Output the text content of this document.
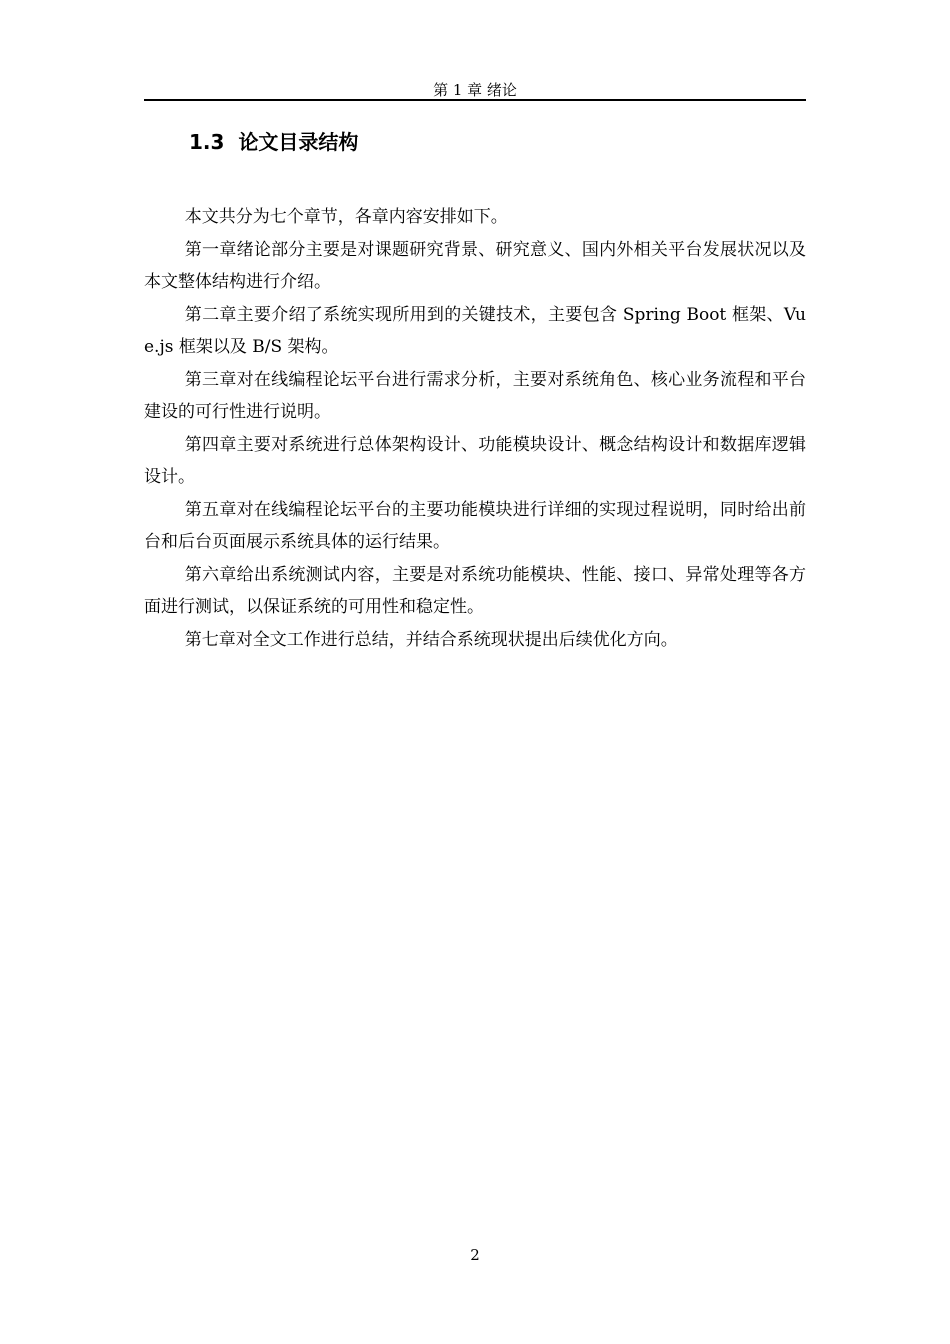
第 1 章 绪论
1.3 论文目录结构

本文共分为七个章节，各章内容安排如下。

第一章绪论部分主要是对课题研究背景、研究意义、国内外相关平台发展状况以及本文整体结构进行介绍。

第二章主要介绍了系统实现所用到的关键技术，主要包含 Spring Boot 框架、Vue.js 框架以及 B/S 架构。

第三章对在线编程论坛平台进行需求分析，主要对系统角色、核心业务流程和平台建设的可行性进行说明。

第四章主要对系统进行总体架构设计、功能模块设计、概念结构设计和数据库逻辑设计。

第五章对在线编程论坛平台的主要功能模块进行详细的实现过程说明，同时给出前台和后台页面展示系统具体的运行结果。

第六章给出系统测试内容，主要是对系统功能模块、性能、接口、异常处理等各方面进行测试，以保证系统的可用性和稳定性。

第七章对全文工作进行总结，并结合系统现状提出后续优化方向。

2
